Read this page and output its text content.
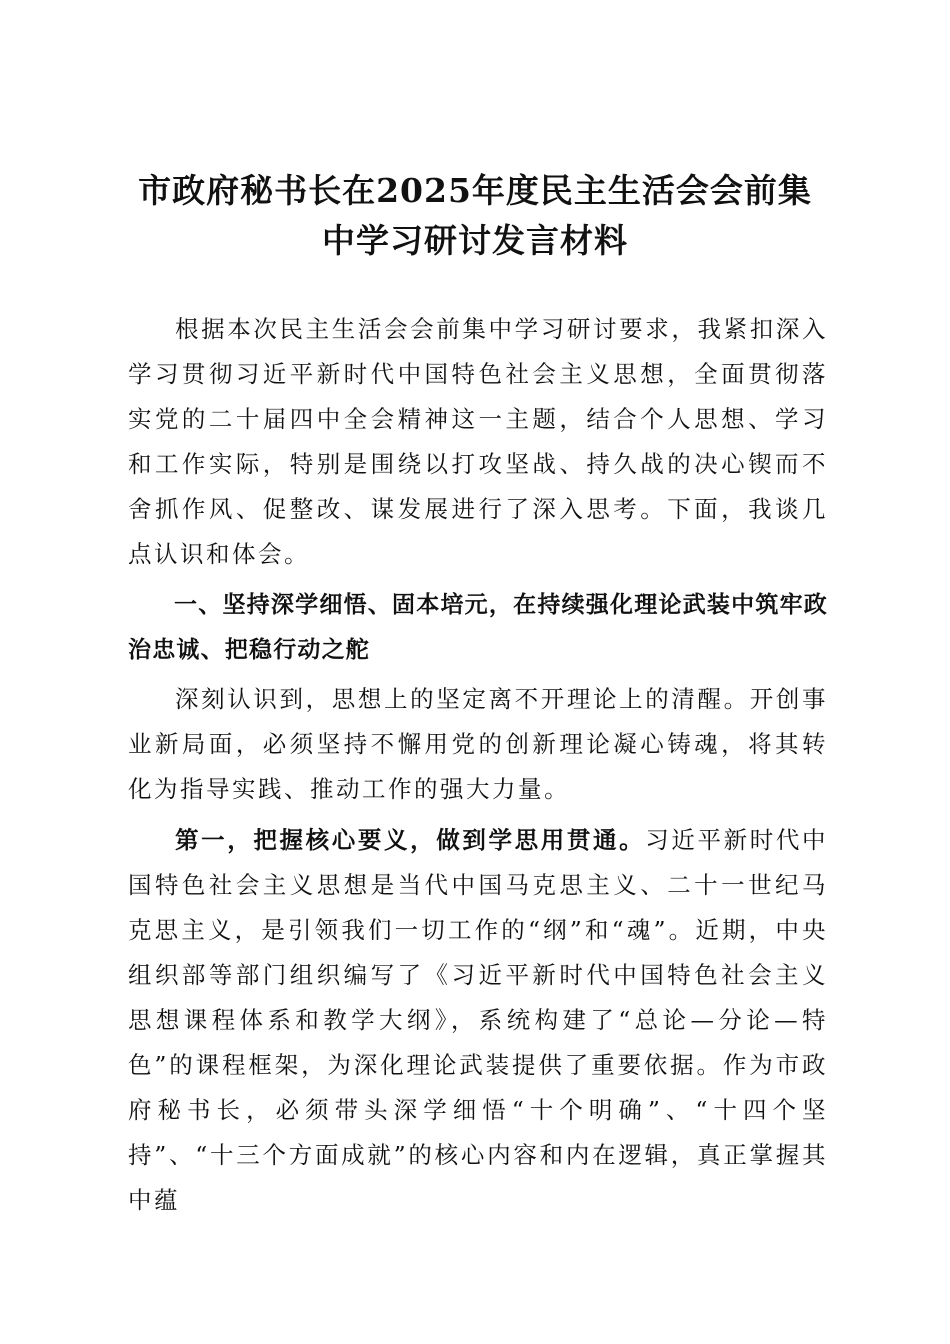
市政府秘书长在2025年度民主生活会会前集
中学习研讨发言材料

根据本次民主生活会会前集中学习研讨要求，我紧扣深入学习贯彻习近平新时代中国特色社会主义思想，全面贯彻落实党的二十届四中全会精神这一主题，结合个人思想、学习和工作实际，特别是围绕以打攻坚战、持久战的决心锲而不舍抓作风、促整改、谋发展进行了深入思考。下面，我谈几点认识和体会。

一、坚持深学细悟、固本培元，在持续强化理论武装中筑牢政治忠诚、把稳行动之舵

深刻认识到，思想上的坚定离不开理论上的清醒。开创事业新局面，必须坚持不懈用党的创新理论凝心铸魂，将其转化为指导实践、推动工作的强大力量。

第一，把握核心要义，做到学思用贯通。习近平新时代中国特色社会主义思想是当代中国马克思主义、二十一世纪马克思主义，是引领我们一切工作的“纲”和“魂”。近期，中央组织部等部门组织编写了《习近平新时代中国特色社会主义思想课程体系和教学大纲》，系统构建了“总论—分论—特色”的课程框架，为深化理论武装提供了重要依据。作为市政府秘书长，必须带头深学细悟“十个明确”、“十四个坚持”、“十三个方面成就”的核心内容和内在逻辑，真正掌握其中蕴
